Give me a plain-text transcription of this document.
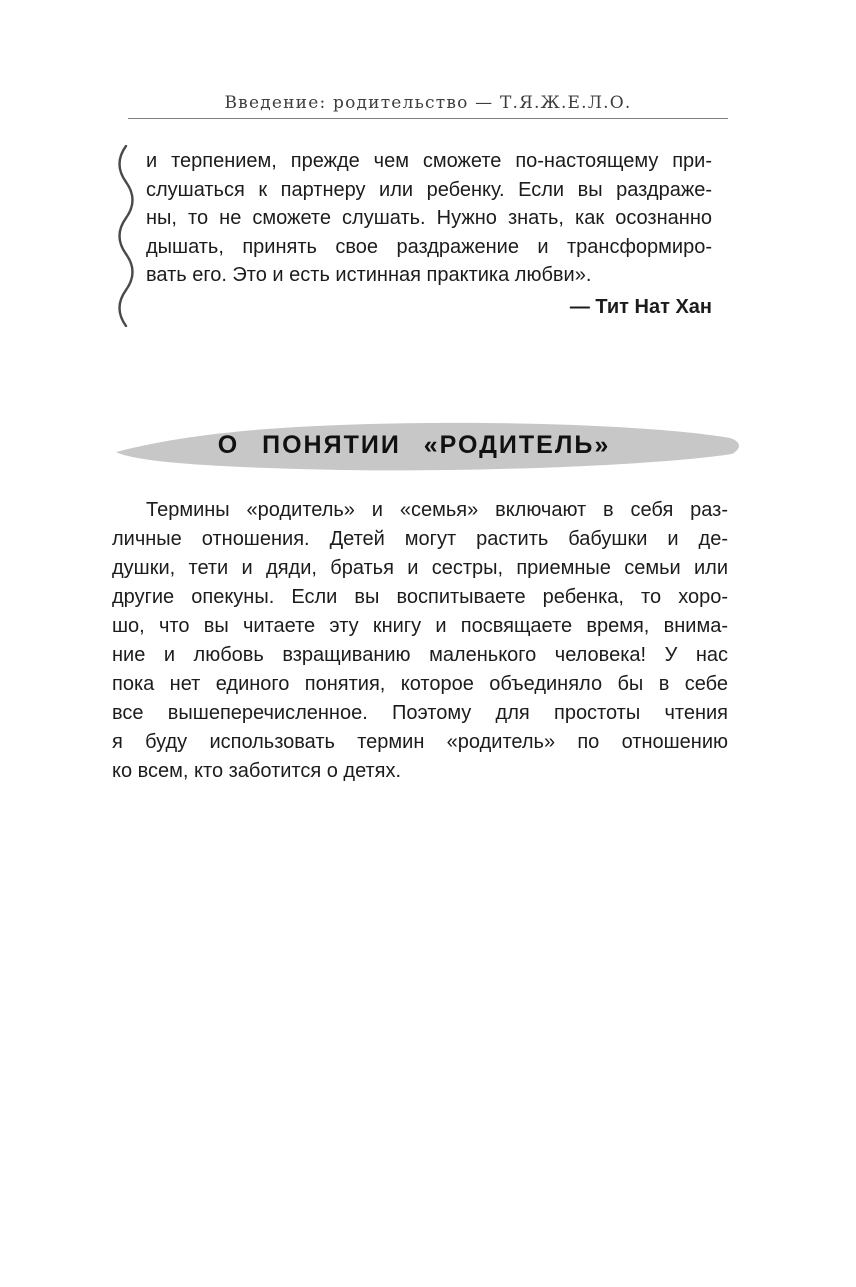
Введение: родительство — Т.Я.Ж.Е.Л.О.
и терпением, прежде чем сможете по-настоящему при-
слушаться к партнеру или ребенку. Если вы раздраже-
ны, то не сможете слушать. Нужно знать, как осознанно
дышать, принять свое раздражение и трансформиро-
вать его. Это и есть истинная практика любви».
— Тит Нат Хан
О ПОНЯТИИ «РОДИТЕЛЬ»
Термины «родитель» и «семья» включают в себя раз-
личные отношения. Детей могут растить бабушки и де-
душки, тети и дяди, братья и сестры, приемные семьи или
другие опекуны. Если вы воспитываете ребенка, то хоро-
шо, что вы читаете эту книгу и посвящаете время, внима-
ние и любовь взращиванию маленького человека! У нас
пока нет единого понятия, которое объединяло бы в себе
все вышеперечисленное. Поэтому для простоты чтения
я буду использовать термин «родитель» по отношению
ко всем, кто заботится о детях.
